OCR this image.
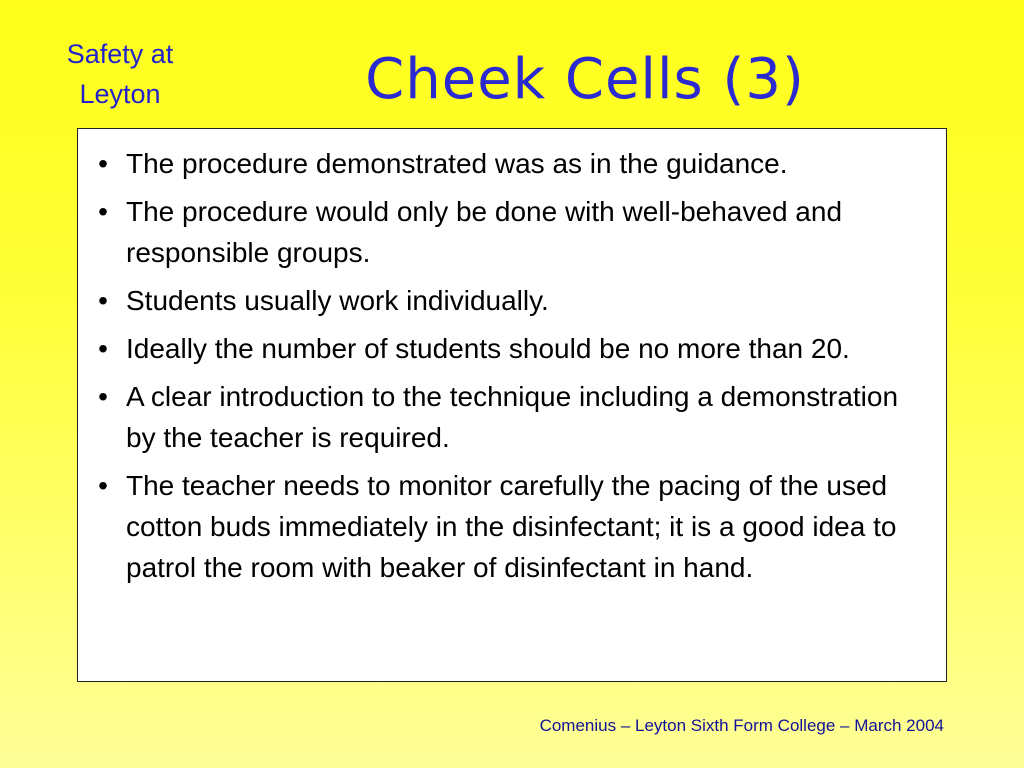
Safety at
Leyton	Cheek Cells (3)
• The procedure demonstrated was as in the guidance.
• The procedure would only be done with well-behaved and responsible groups.
• Students usually work individually.
• Ideally the number of students should be no more than 20.
• A clear introduction to the technique including a demonstration by the teacher is required.
• The teacher needs to monitor carefully the pacing of the used cotton buds immediately in the disinfectant; it is a good idea to patrol the room with beaker of disinfectant in hand.
Comenius – Leyton Sixth Form College – March 2004
